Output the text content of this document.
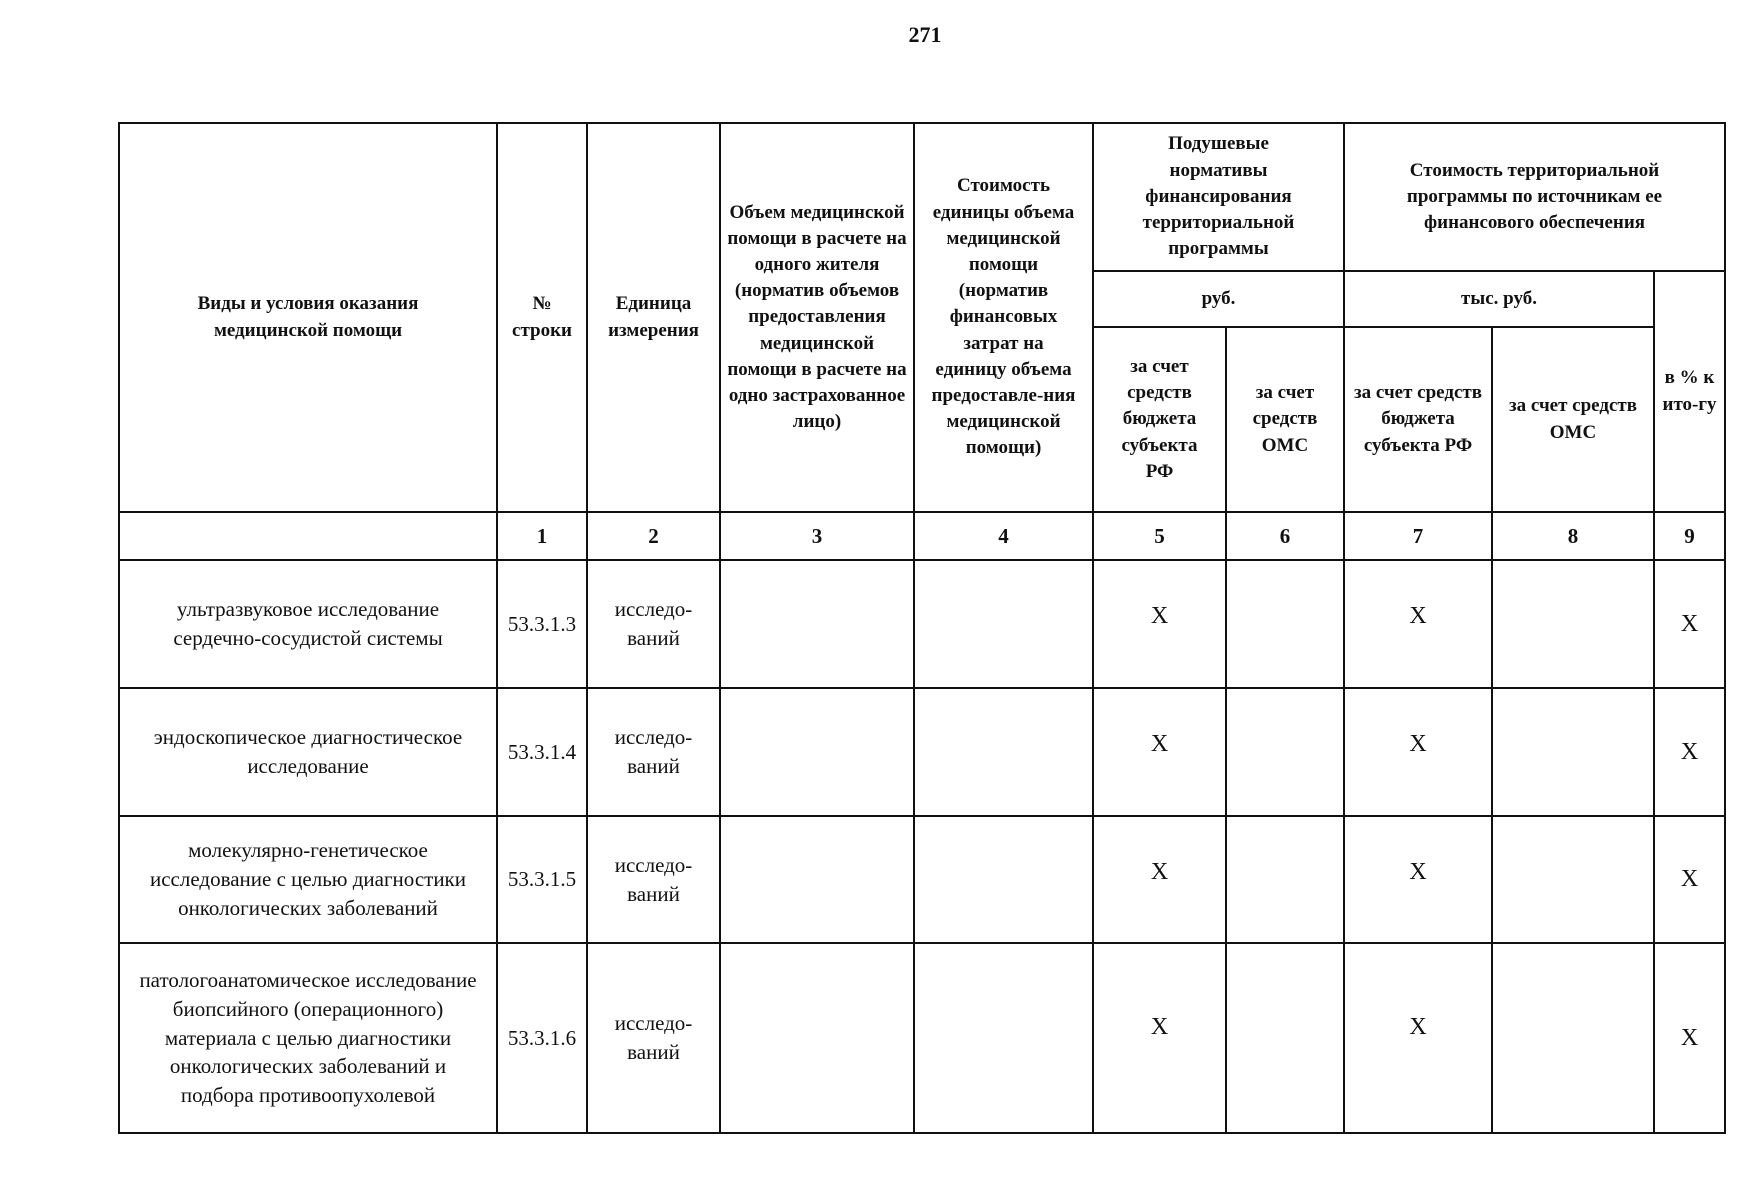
271
Виды и условия оказания медицинской помощи	№ строки	Единица измерения	Объем медицинской помощи в расчете на одного жителя (норматив объемов предоставления медицинской помощи в расчете на одно застрахованное лицо)	Стоимость единицы объема медицинской помощи (норматив финансовых затрат на единицу объема предоставле-ния медицинской помощи)	Подушевые нормативы финансирования территориальной программы		Стоимость территориальной программы по источникам ее финансового обеспечения		
					руб.		тыс. руб.		в % к ито-гу
					за счет средств бюджета субъекта РФ	за счет средств ОМС	за счет средств бюджета субъекта РФ	за счет средств ОМС	
	1	2	3	4	5	6	7	8	9
ультразвуковое исследование сердечно-сосудистой системы	53.3.1.3	исследо-ваний			X		X		X
эндоскопическое диагностическое исследование	53.3.1.4	исследо-ваний			X		X		X
молекулярно-генетическое исследование с целью диагностики онкологических заболеваний	53.3.1.5	исследо-ваний			X		X		X
патологоанатомическое исследование биопсийного (операционного) материала с целью диагностики онкологических заболеваний и подбора противоопухолевой	53.3.1.6	исследо-ваний			X		X		X
